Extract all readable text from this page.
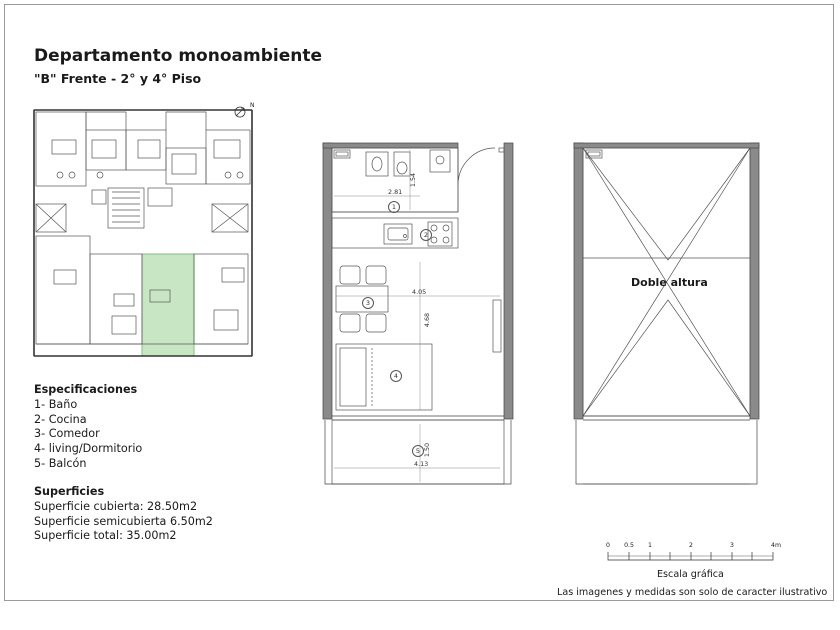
Departamento monoambiente
"B" Frente - 2° y 4° Piso
N
1
2
3
4
5
2.81
1.54
4.05
4.68
1.50
4.13
Doble altura
Especificaciones
1- Baño
2- Cocina
3- Comedor
4- living/Dormitorio
5- Balcón
Superficies
Superficie cubierta: 28.50m2
Superficie semicubierta 6.50m2
Superficie total: 35.00m2
0 0.5 1	2	3	4m
Escala gráfica
Las imagenes y medidas son solo de caracter ilustrativo
